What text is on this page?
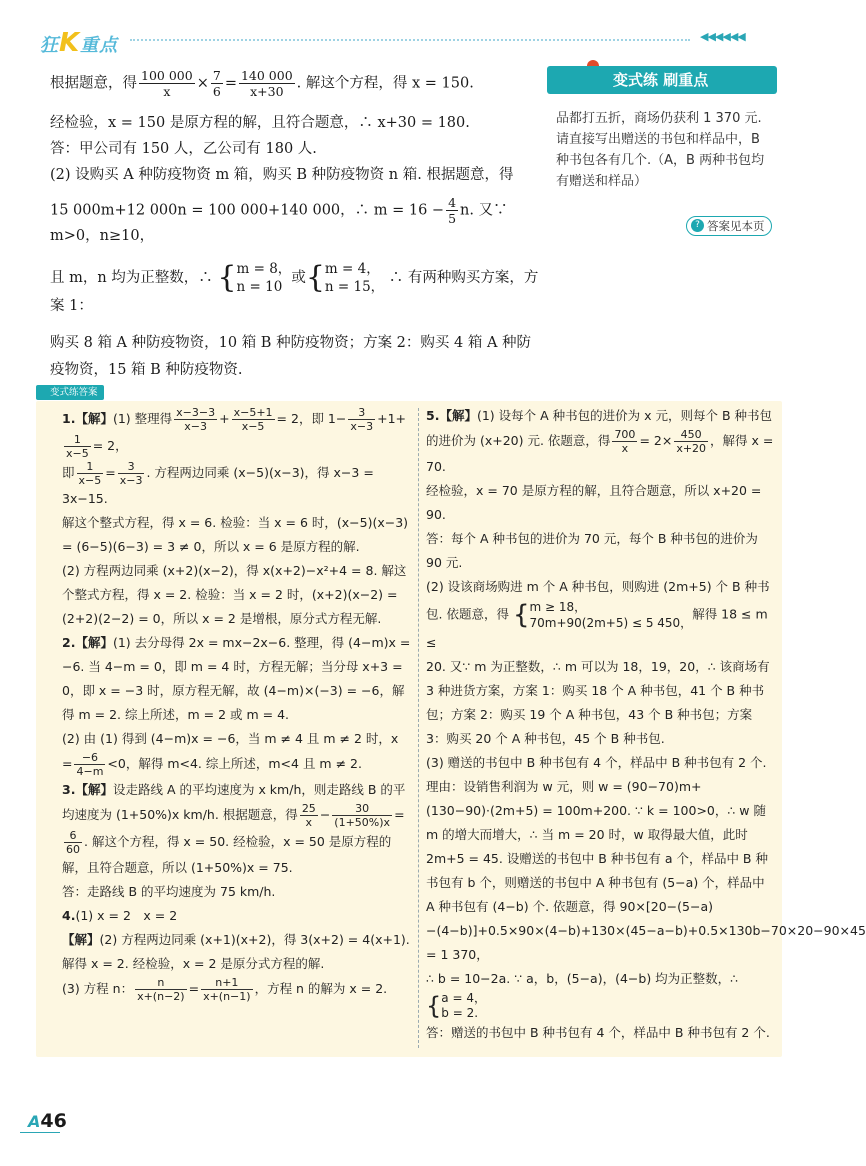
狂K重点	◀◀◀◀◀◀

根据题意，得 $\frac{100 000}{x} \times \frac{7}{6} = \frac{140 000}{x+30}$ . 解这个方程，得 x = 150.

经检验，x = 150 是原方程的解，且符合题意，∴ x+30 = 180.

答：甲公司有 150 人，乙公司有 180 人.

(2) 设购买 A 种防疫物资 m 箱，购买 B 种防疫物资 n 箱. 根据题意，得

15 000m+12 000n = 100 000+140 000，∴ $m = 16 - \frac{4}{5} n$. 又∵ m>0，n≥10，

且 m，n 均为正整数，∴ { m = 8，
n = 10
或{ m = 4，
n = 15，
∴ 有两种购买方案，方案 1：

购买 8 箱 A 种防疫物资，10 箱 B 种防疫物资；方案 2：购买 4 箱 A 种防疫物资，15 箱 B 种防疫物资.

变式练 刷重点
品都打五折，商场仍获利 1 370 元. 请直接写出赠送的书包和样品中，B 种书包各有几个.（A，B 两种书包均有赠送和样品）
? 答案见本页
变式练答案
1.【解】(1) 整理得 $\frac{x-3-3}{x-3} + \frac{x-5+1}{x-5} = 2$，即 $1- \frac{3}{x-3} +1+$
$\frac{1}{x-5} = 2$，
即 $\frac{1}{x-5} = \frac{3}{x-3}$ . 方程两边同乘 (x−5)(x−3)，得 x−3 = 3x−15.
解这个整式方程，得 x = 6. 检验：当 x = 6 时，(x−5)(x−3) = (6−5)(6−3) = 3 ≠ 0，所以 x = 6 是原方程的解.
(2) 方程两边同乘 (x+2)(x−2)，得 x(x+2)−x²+4 = 8. 解这个整式方程，得 x = 2. 检验：当 x = 2 时，(x+2)(x−2) = (2+2)(2−2) = 0，所以 x = 2 是增根，原分式方程无解.
2.【解】(1) 去分母得 2x = mx−2x−6. 整理，得 (4−m)x = −6. 当 4−m = 0，即 m = 4 时，方程无解；当分母 x+3 = 0，即 x = −3 时，原方程无解，故 (4−m)×(−3) = −6，解得 m = 2. 综上所述，m = 2 或 m = 4.
(2) 由 (1) 得到 (4−m)x = −6，当 m ≠ 4 且 m ≠ 2 时，$x = \frac{-6}{4-m} <0$，解得 m<4. 综上所述，m<4 且 m ≠ 2.
3.【解】设走路线 A 的平均速度为 x km/h，则走路线 B 的平均速度为 (1+50%)x km/h. 根据题意，得 $\frac{25}{x} - \frac{30}{(1+50\%)x}$ =

$\frac{6}{60}$ . 解这个方程，得 x = 50. 经检验，x = 50 是原方程的解，且符合题意，所以 (1+50%)x = 75.
答：走路线 B 的平均速度为 75 km/h.
4.(1) x = 2　x = 2
【解】(2) 方程两边同乘 (x+1)(x+2)，得 3(x+2) = 4(x+1). 解得 x = 2. 经检验，x = 2 是原分式方程的解.
(3) 方程 n： $\frac{n}{x+(n-2)} = \frac{n+1}{x+(n-1)}$ ，方程 n 的解为 x = 2.
5.【解】(1) 设每个 A 种书包的进价为 x 元，则每个 B 种书包的进价为 (x+20) 元. 依题意，得 $\frac{700}{x} = 2\times \frac{450}{x+20}$ ，解得 x = 70.
经检验，x = 70 是原方程的解，且符合题意，所以 x+20 = 90.
答：每个 A 种书包的进价为 70 元，每个 B 种书包的进价为 90 元.
(2) 设该商场购进 m 个 A 种书包，则购进 (2m+5) 个 B 种书包. 依题意，得 { m ≥ 18，
70m+90(2m+5) ≤ 5 450，
解得 18 ≤ m ≤
20. 又∵ m 为正整数，∴ m 可以为 18，19，20，∴ 该商场有 3 种进货方案，方案 1：购买 18 个 A 种书包，41 个 B 种书包；方案 2：购买 19 个 A 种书包，43 个 B 种书包；方案 3：购买 20 个 A 种书包，45 个 B 种书包.
(3) 赠送的书包中 B 种书包有 4 个，样品中 B 种书包有 2 个. 理由：设销售利润为 w 元，则 w = (90−70)m+(130−90)·(2m+5) = 100m+200. ∵ k = 100>0，∴ w 随 m 的增大而增大，∴ 当 m = 20 时，w 取得最大值，此时 2m+5 = 45. 设赠送的书包中 B 种书包有 a 个，样品中 B 种书包有 b 个，则赠送的书包中 A 种书包有 (5−a) 个，样品中 A 种书包有 (4−b) 个. 依题意，得 90×[20−(5−a)−(4−b)]+0.5×90×(4−b)+130×(45−a−b)+0.5×130b−70×20−90×45 = 1 370，
∴ b = 10−2a. ∵ a，b，(5−a)，(4−b) 均为正整数，∴{ a = 4，
b = 2.
答：赠送的书包中 B 种书包有 4 个，样品中 B 种书包有 2 个.
A46
